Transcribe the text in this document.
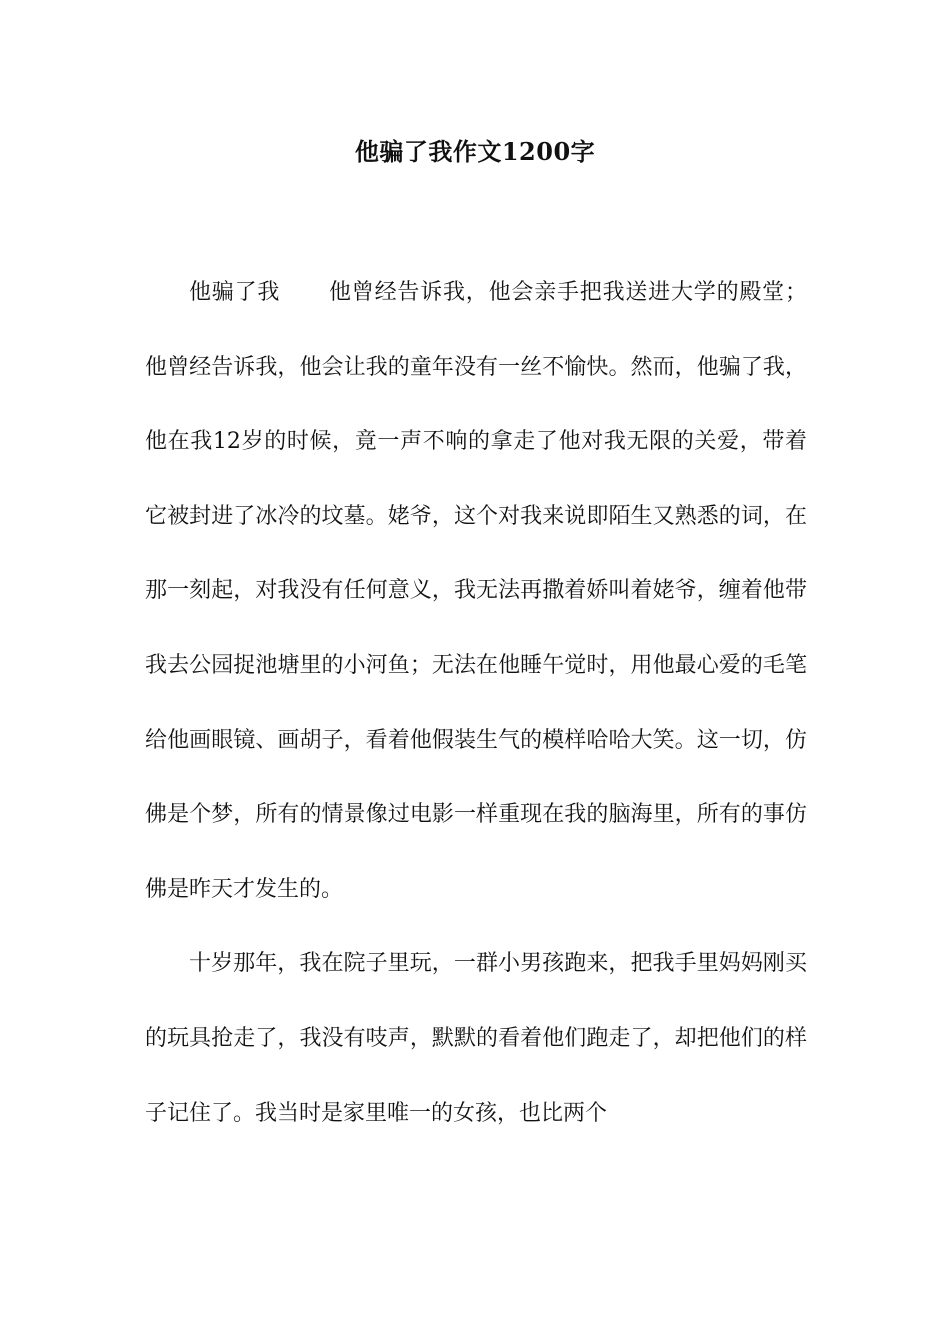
他骗了我作文1200字

他骗了我 他曾经告诉我，他会亲手把我送进大学的殿堂；他曾经告诉我，他会让我的童年没有一丝不愉快。然而，他骗了我，他在我12岁的时候，竟一声不响的拿走了他对我无限的关爱，带着它被封进了冰冷的坟墓。姥爷，这个对我来说即陌生又熟悉的词，在那一刻起，对我没有任何意义，我无法再撒着娇叫着姥爷，缠着他带我去公园捉池塘里的小河鱼；无法在他睡午觉时，用他最心爱的毛笔给他画眼镜、画胡子，看着他假装生气的模样哈哈大笑。这一切，仿佛是个梦，所有的情景像过电影一样重现在我的脑海里，所有的事仿佛是昨天才发生的。

十岁那年，我在院子里玩，一群小男孩跑来，把我手里妈妈刚买的玩具抢走了，我没有吱声，默默的看着他们跑走了，却把他们的样子记住了。我当时是家里唯一的女孩，也比两个
